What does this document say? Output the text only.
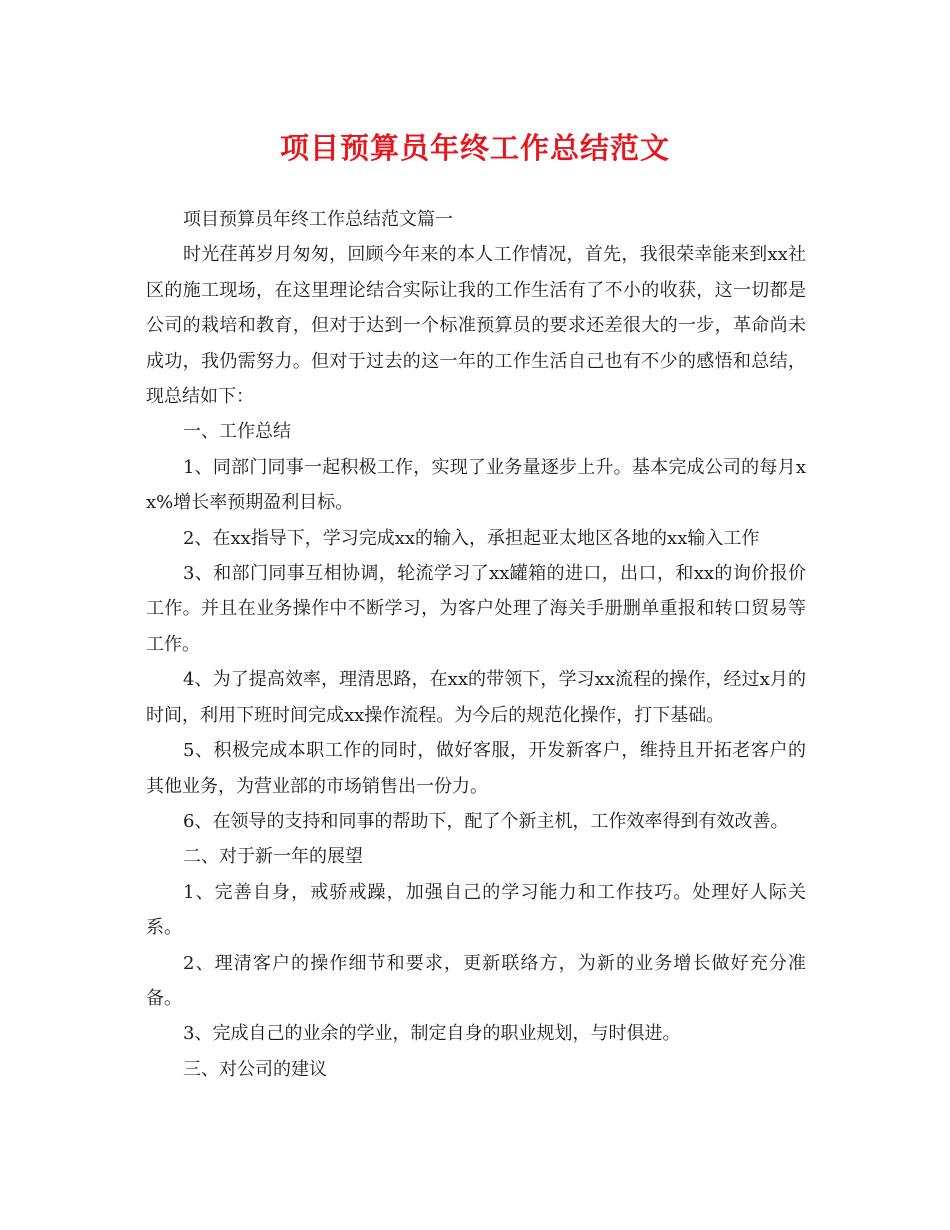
项目预算员年终工作总结范文

项目预算员年终工作总结范文篇一

时光荏苒岁月匆匆，回顾今年来的本人工作情况，首先，我很荣幸能来到xx社区的施工现场，在这里理论结合实际让我的工作生活有了不小的收获，这一切都是公司的栽培和教育，但对于达到一个标准预算员的要求还差很大的一步，革命尚未成功，我仍需努力。但对于过去的这一年的工作生活自己也有不少的感悟和总结，现总结如下：

一、工作总结

1、同部门同事一起积极工作，实现了业务量逐步上升。基本完成公司的每月xx%增长率预期盈利目标。

2、在xx指导下，学习完成xx的输入，承担起亚太地区各地的xx输入工作

3、和部门同事互相协调，轮流学习了xx罐箱的进口，出口，和xx的询价报价工作。并且在业务操作中不断学习，为客户处理了海关手册删单重报和转口贸易等工作。

4、为了提高效率，理清思路，在xx的带领下，学习xx流程的操作，经过x月的时间，利用下班时间完成xx操作流程。为今后的规范化操作，打下基础。

5、积极完成本职工作的同时，做好客服，开发新客户，维持且开拓老客户的其他业务，为营业部的市场销售出一份力。

6、在领导的支持和同事的帮助下，配了个新主机，工作效率得到有效改善。

二、对于新一年的展望

1、完善自身，戒骄戒躁，加强自己的学习能力和工作技巧。处理好人际关系。

2、理清客户的操作细节和要求，更新联络方，为新的业务增长做好充分准备。

3、完成自己的业余的学业，制定自身的职业规划，与时俱进。

三、对公司的建议
